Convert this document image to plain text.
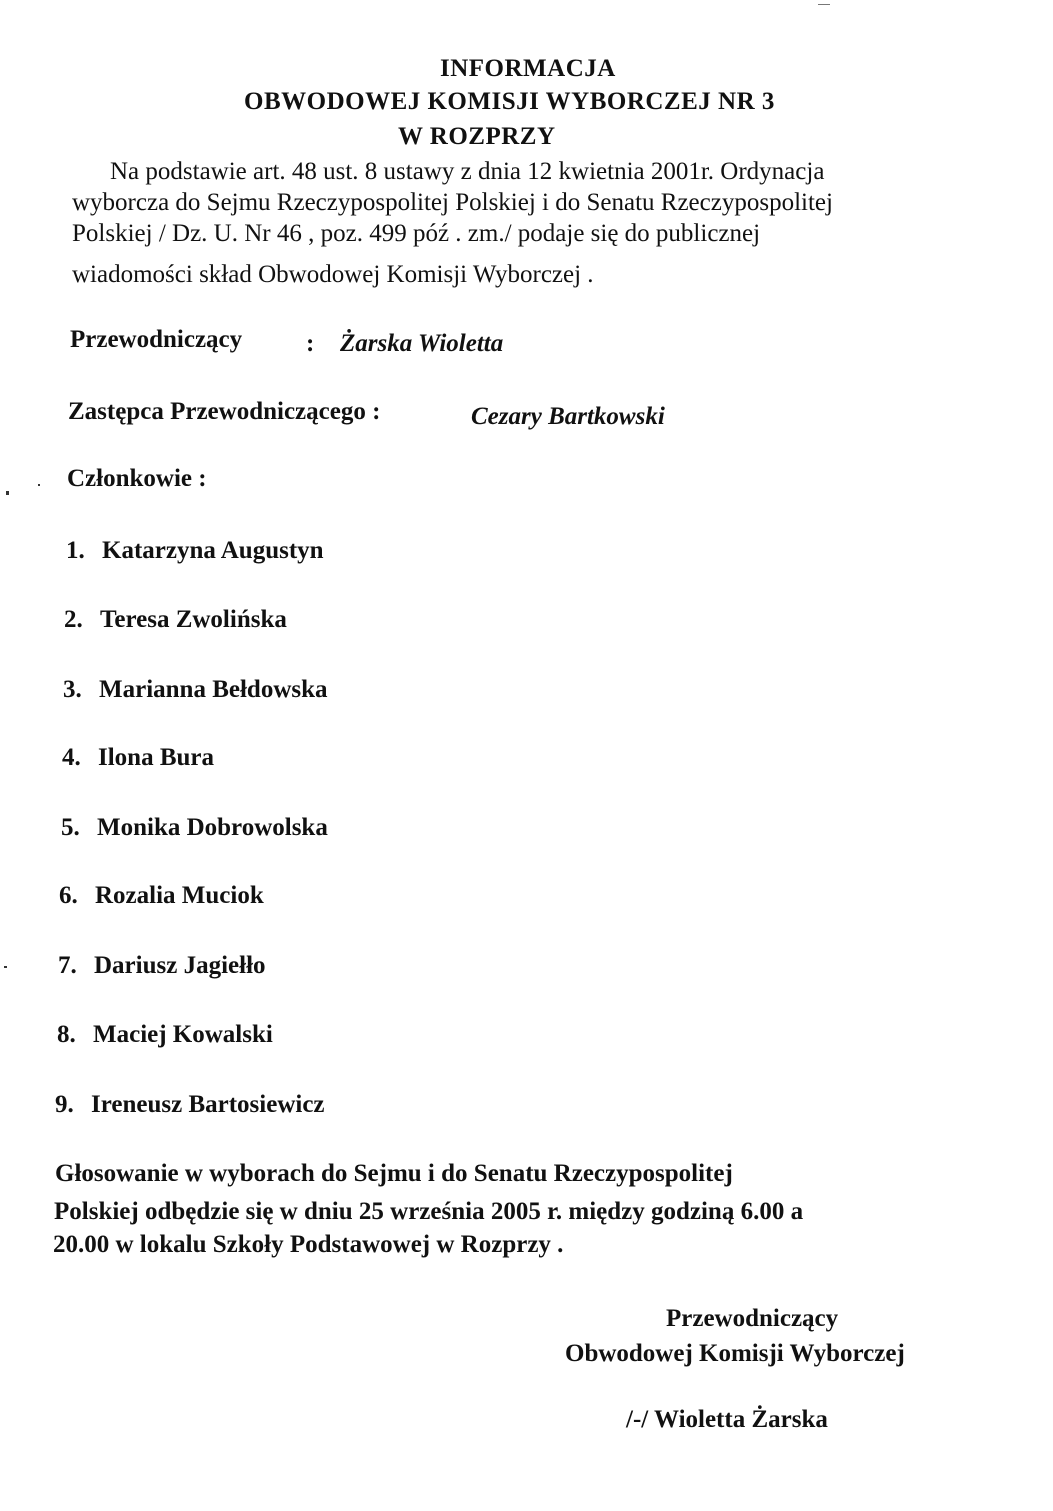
INFORMACJA
OBWODOWEJ KOMISJI WYBORCZEJ NR 3
W ROZPRZY
Na podstawie art. 48 ust. 8 ustawy z dnia 12 kwietnia 2001r. Ordynacja
wyborcza do Sejmu Rzeczypospolitej Polskiej i do Senatu Rzeczypospolitej
Polskiej / Dz. U. Nr 46 , poz. 499 póź . zm./ podaje się do publicznej
wiadomości skład Obwodowej Komisji Wyborczej .
Przewodniczący	: Żarska Wioletta
Zastępca Przewodniczącego :	Cezary Bartkowski
Członkowie :
1. Katarzyna Augustyn
2. Teresa Zwolińska
3. Marianna Bełdowska
4. Ilona Bura
5. Monika Dobrowolska
6. Rozalia Muciok
7. Dariusz Jagiełło
8. Maciej Kowalski
9. Ireneusz Bartosiewicz
Głosowanie w wyborach do Sejmu i do Senatu Rzeczypospolitej
Polskiej odbędzie się w dniu 25 września 2005 r. między godziną 6.00 a
20.00 w lokalu Szkoły Podstawowej w Rozprzy .
Przewodniczący
Obwodowej Komisji Wyborczej
/-/ Wioletta Żarska
